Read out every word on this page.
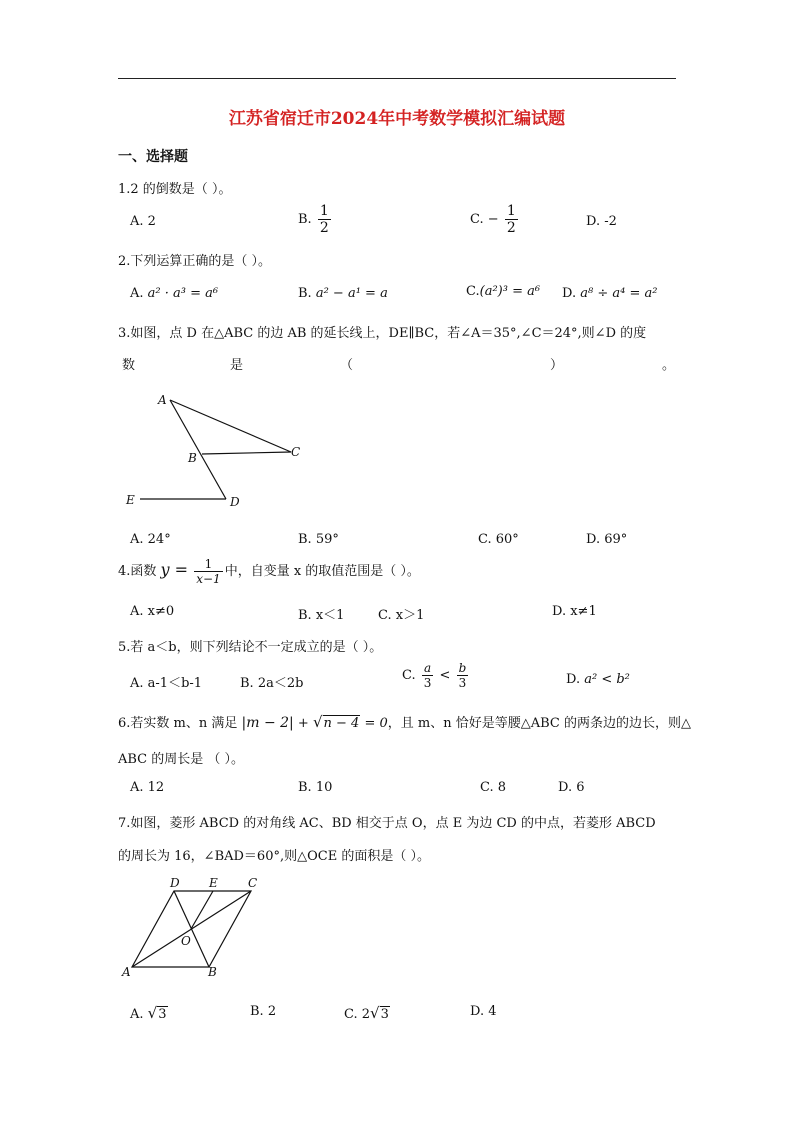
江苏省宿迁市2024年中考数学模拟汇编试题
一、选择题
1.2 的倒数是（ ）。
A. 2	B. $\frac{1}{2}$	C. − $\frac{1}{2}$	D. -2
2.下列运算正确的是（ ）。
A. a² · a³ = a⁶	B. a² − a¹ = a	C.(a²)³ = a⁶ D. a⁸ ÷ a⁴ = a²
3.如图，点 D 在△ABC 的边 AB 的延长线上，DE∥BC，若∠A＝35°,∠C＝24°,则∠D 的度
数	是	（	）	。
A
B	C
D
E
A. 24°	B. 59°	C. 60°	D. 69°
4.函数 $y = \frac{1}{x-1}$ 中，自变量 x 的取值范围是（ ）。
A. x≠0	B. x＜1	C. x＞1	D. x≠1
5.若 a＜b，则下列结论不一定成立的是（ ）。
A. a-1＜b-1	B. 2a＜2b
C. $\frac{a}{3} < \frac{b}{3}$	D. a² < b²
6.若实数 m、n 满足 |m − 2| + √n − 4 = 0，且 m、n 恰好是等腰△ABC 的两条边的边长，则△
ABC 的周长是 （ ）。
A. 12	B. 10	C. 8	D. 6
7.如图，菱形 ABCD 的对角线 AC、BD 相交于点 O，点 E 为边 CD 的中点，若菱形 ABCD
的周长为 16，∠BAD＝60°,则△OCE 的面积是（ ）。
A	B
C
D E
O
A. √3	B. 2	C. 2√3	D. 4
